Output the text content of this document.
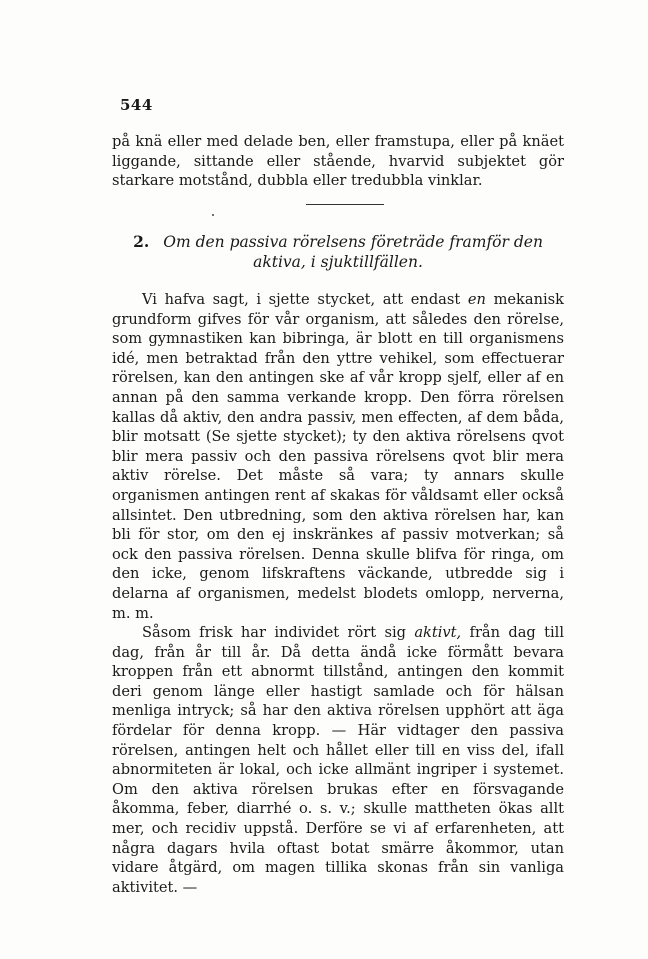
544

på knä eller med delade ben, eller framstupa, eller på knäet liggande, sittande eller stående, hvarvid subjektet gör starkare motstånd, dubbla eller tredubbla vinklar.

2. Om den passiva rörelsens företräde framför den aktiva, i sjuktillfällen.

Vi hafva sagt, i sjette stycket, att endast en mekanisk grundform gifves för vår organism, att således den rörelse, som gymnastiken kan bibringa, är blott en till organismens idé, men betraktad från den yttre vehikel, som effectuerar rörelsen, kan den antingen ske af vår kropp sjelf, eller af en annan på den samma verkande kropp. Den förra rörelsen kallas då aktiv, den andra passiv, men effecten, af dem båda, blir motsatt (Se sjette stycket); ty den aktiva rörelsens qvot blir mera passiv och den passiva rörelsens qvot blir mera aktiv rörelse. Det måste så vara; ty annars skulle organismen antingen rent af skakas för våldsamt eller också allsintet. Den utbredning, som den aktiva rörelsen har, kan bli för stor, om den ej inskränkes af passiv motverkan; så ock den passiva rörelsen. Denna skulle blifva för ringa, om den icke, genom lifskraftens väckande, utbredde sig i delarna af organismen, medelst blodets omlopp, nerverna, m. m.

Såsom frisk har individet rört sig aktivt, från dag till dag, från år till år. Då detta ändå icke förmått bevara kroppen från ett abnormt tillstånd, antingen den kommit deri genom länge eller hastigt samlade och för hälsan menliga intryck; så har den aktiva rörelsen upphört att äga fördelar för denna kropp. — Här vidtager den passiva rörelsen, antingen helt och hållet eller till en viss del, ifall abnormiteten är lokal, och icke allmänt ingriper i systemet. Om den aktiva rörelsen brukas efter en försvagande åkomma, feber, diarrhé o. s. v.; skulle mattheten ökas allt mer, och recidiv uppstå. Derföre se vi af erfarenheten, att några dagars hvila oftast botat smärre åkommor, utan vidare åtgärd, om magen tillika skonas från sin vanliga aktivitet. —
